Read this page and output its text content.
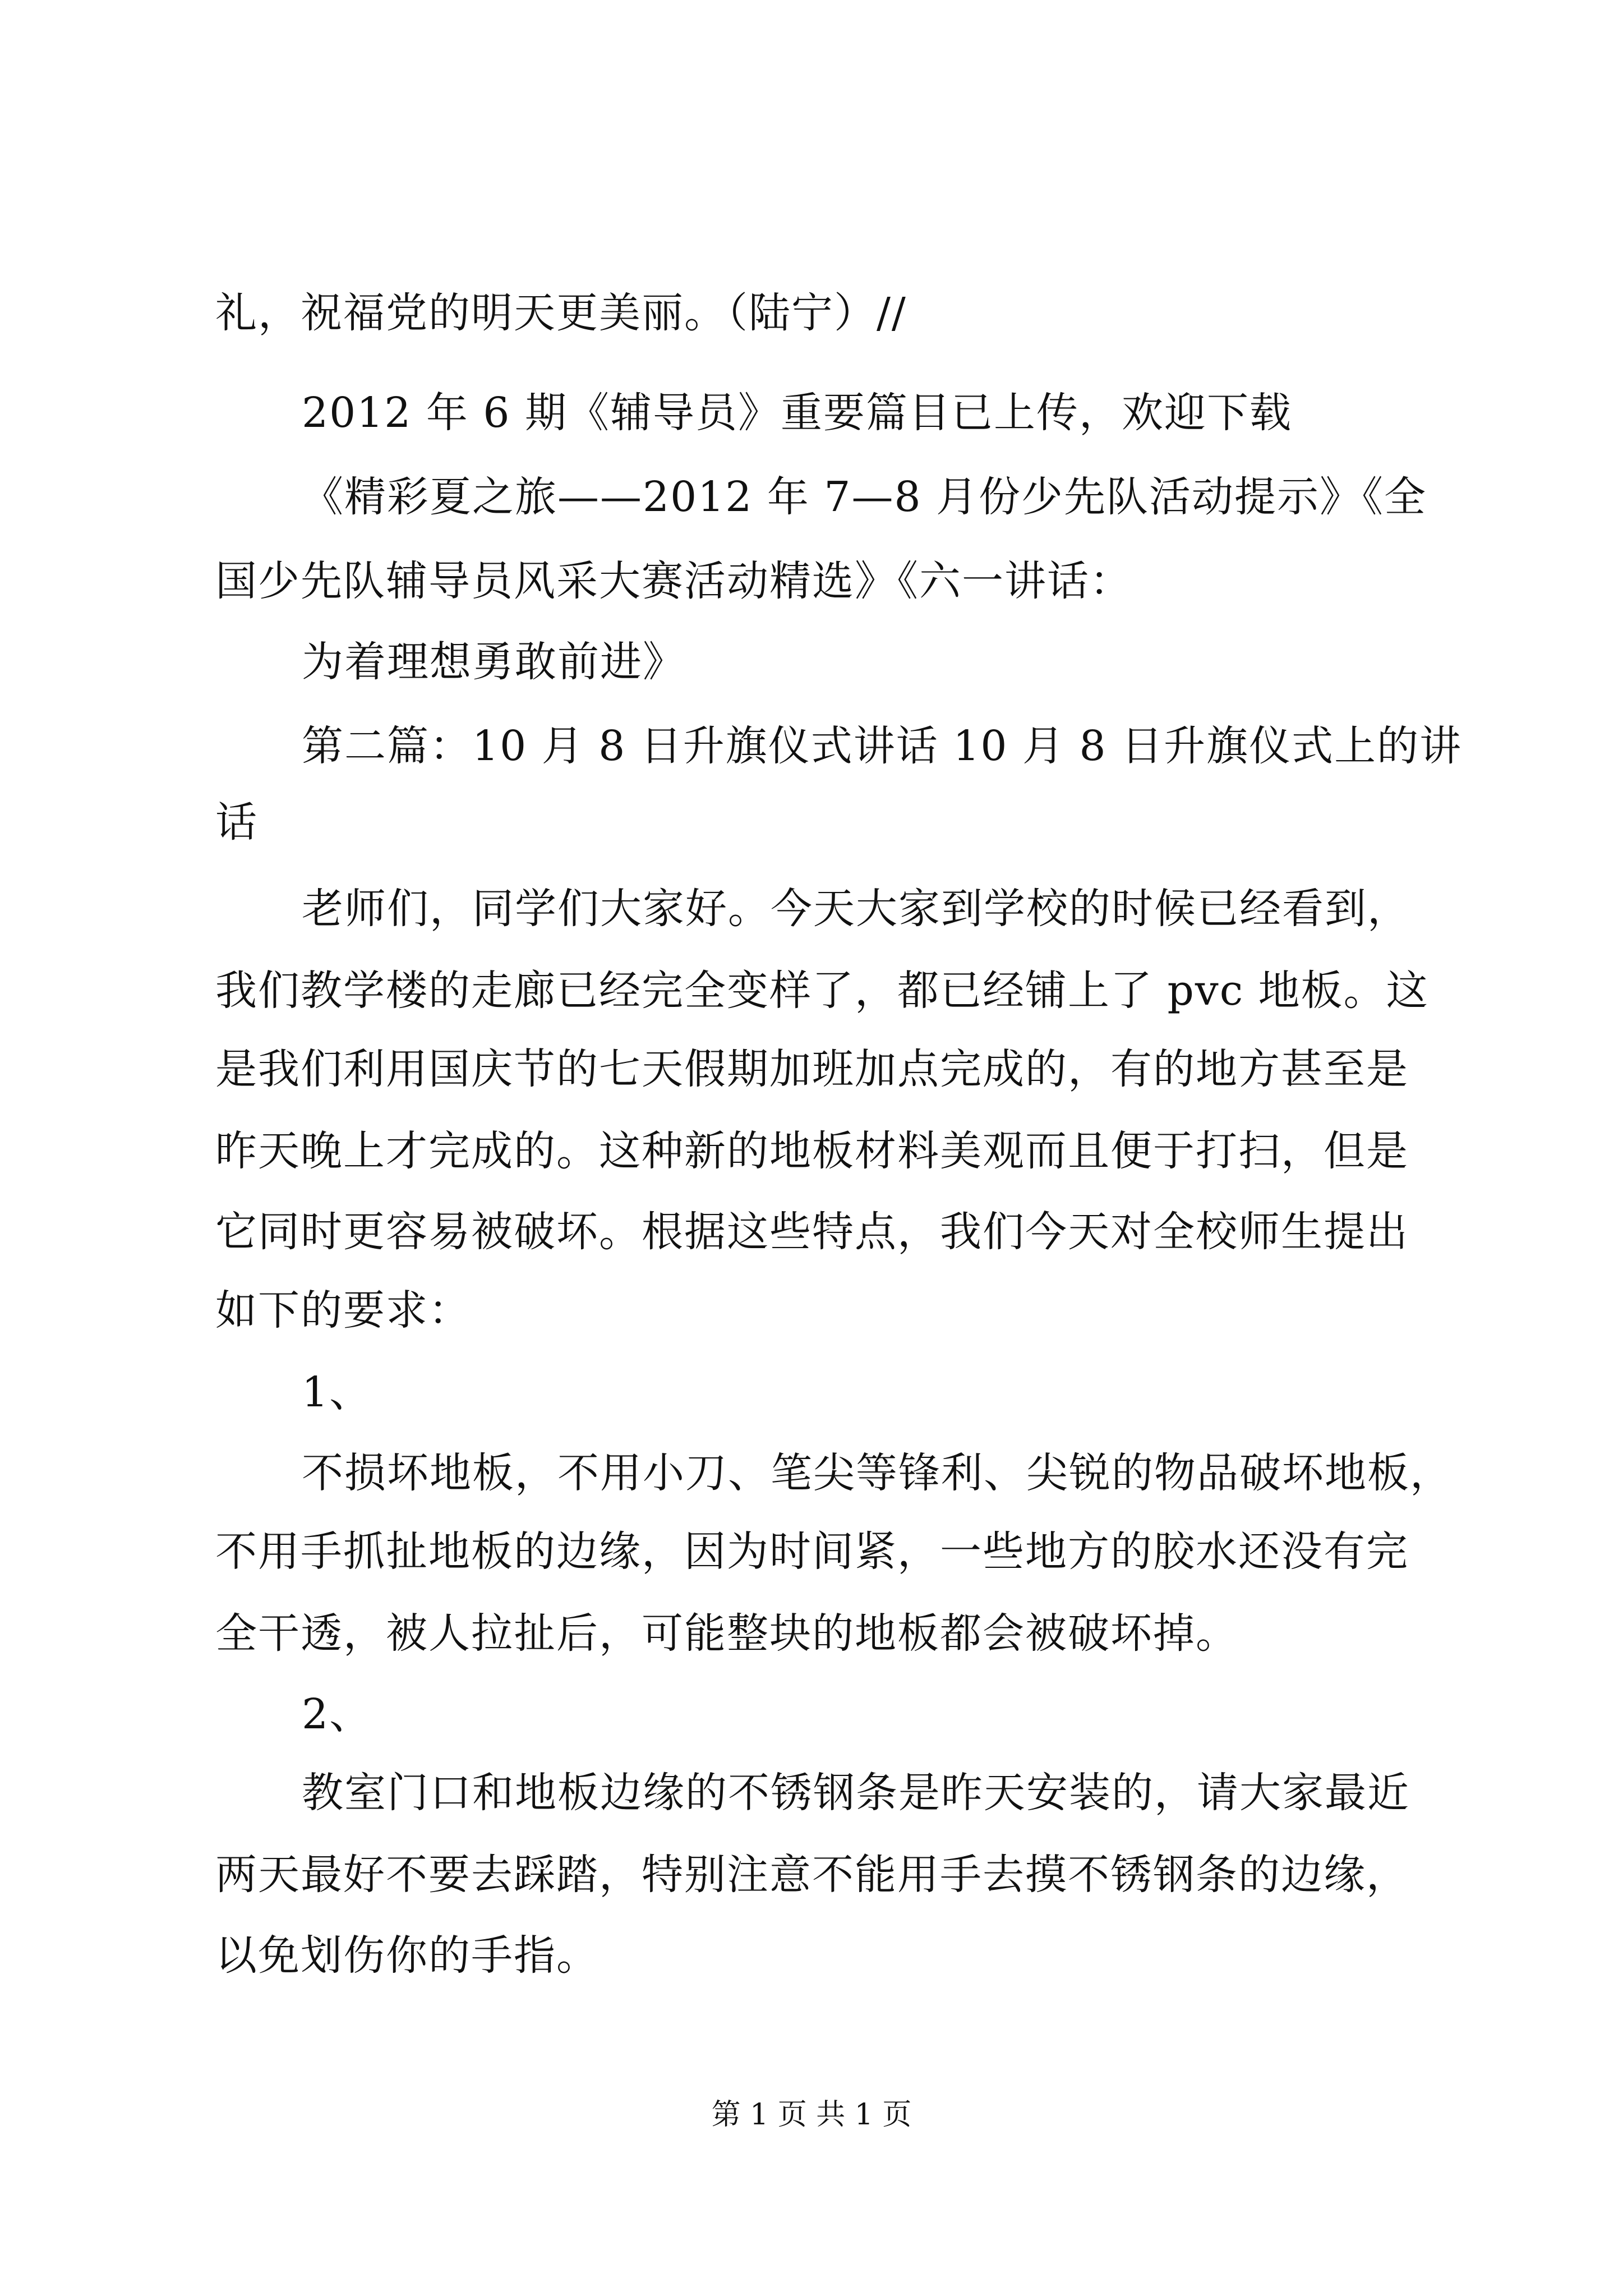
礼，祝福党的明天更美丽。（陆宁）//
2012 年 6 期《辅导员》重要篇目已上传，欢迎下载
《精彩夏之旅——2012 年 7—8 月份少先队活动提示》《全
国少先队辅导员风采大赛活动精选》《六一讲话：
为着理想勇敢前进》
第二篇：10 月 8 日升旗仪式讲话 10 月 8 日升旗仪式上的讲
话
老师们，同学们大家好。今天大家到学校的时候已经看到，
我们教学楼的走廊已经完全变样了，都已经铺上了 pvc 地板。这
是我们利用国庆节的七天假期加班加点完成的，有的地方甚至是
昨天晚上才完成的。这种新的地板材料美观而且便于打扫，但是
它同时更容易被破坏。根据这些特点，我们今天对全校师生提出
如下的要求：
1、
不损坏地板，不用小刀、笔尖等锋利、尖锐的物品破坏地板，
不用手抓扯地板的边缘，因为时间紧，一些地方的胶水还没有完
全干透，被人拉扯后，可能整块的地板都会被破坏掉。
2、
教室门口和地板边缘的不锈钢条是昨天安装的，请大家最近
两天最好不要去踩踏，特别注意不能用手去摸不锈钢条的边缘，
以免划伤你的手指。
第 1 页 共 1 页
